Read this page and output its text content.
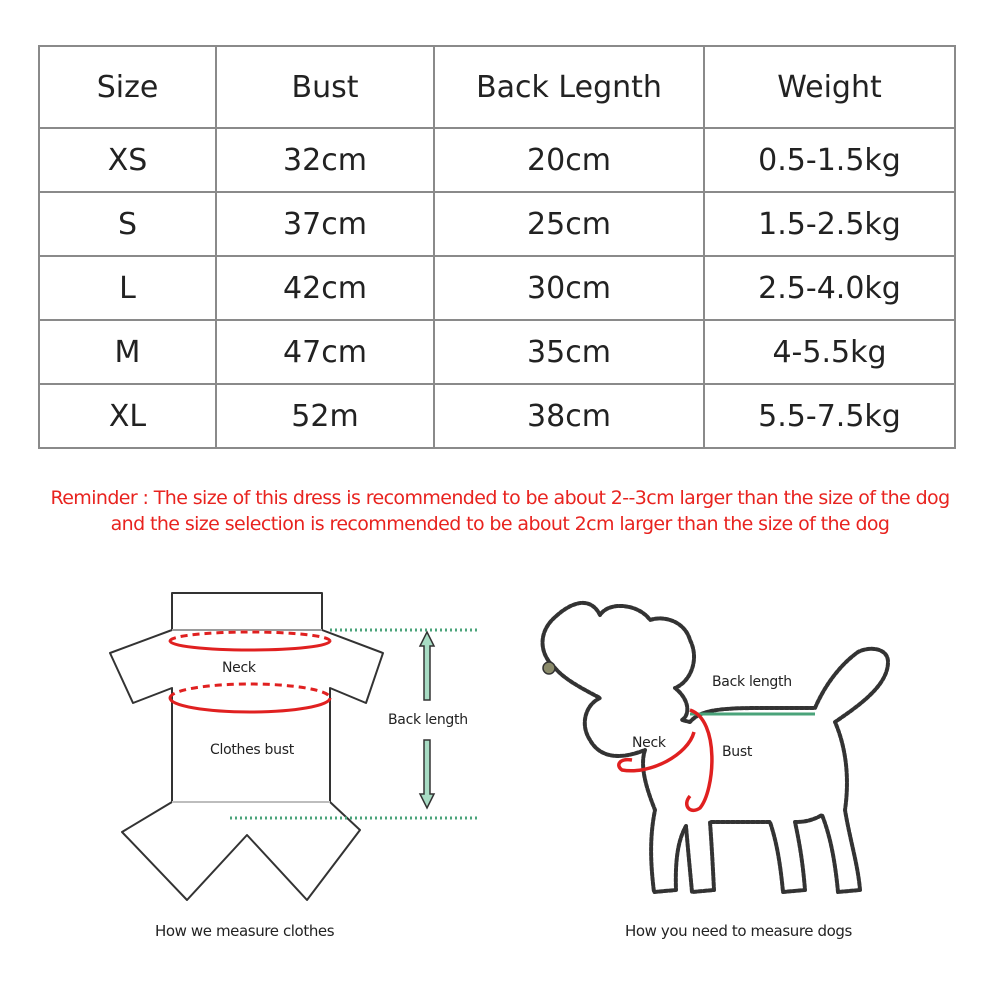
Size	Bust	Back Legnth	Weight
XS	32cm	20cm	0.5-1.5kg
S	37cm	25cm	1.5-2.5kg
L	42cm	30cm	2.5-4.0kg
M	47cm	35cm	4-5.5kg
XL	52m	38cm	5.5-7.5kg
Reminder : The size of this dress is recommended to be about 2--3cm larger than the size of the dog
and the size selection is recommended to be about 2cm larger than the size of the dog
Neck
Clothes bust
Back length
How we measure clothes
Back length
Neck
Bust
How you need to measure dogs
